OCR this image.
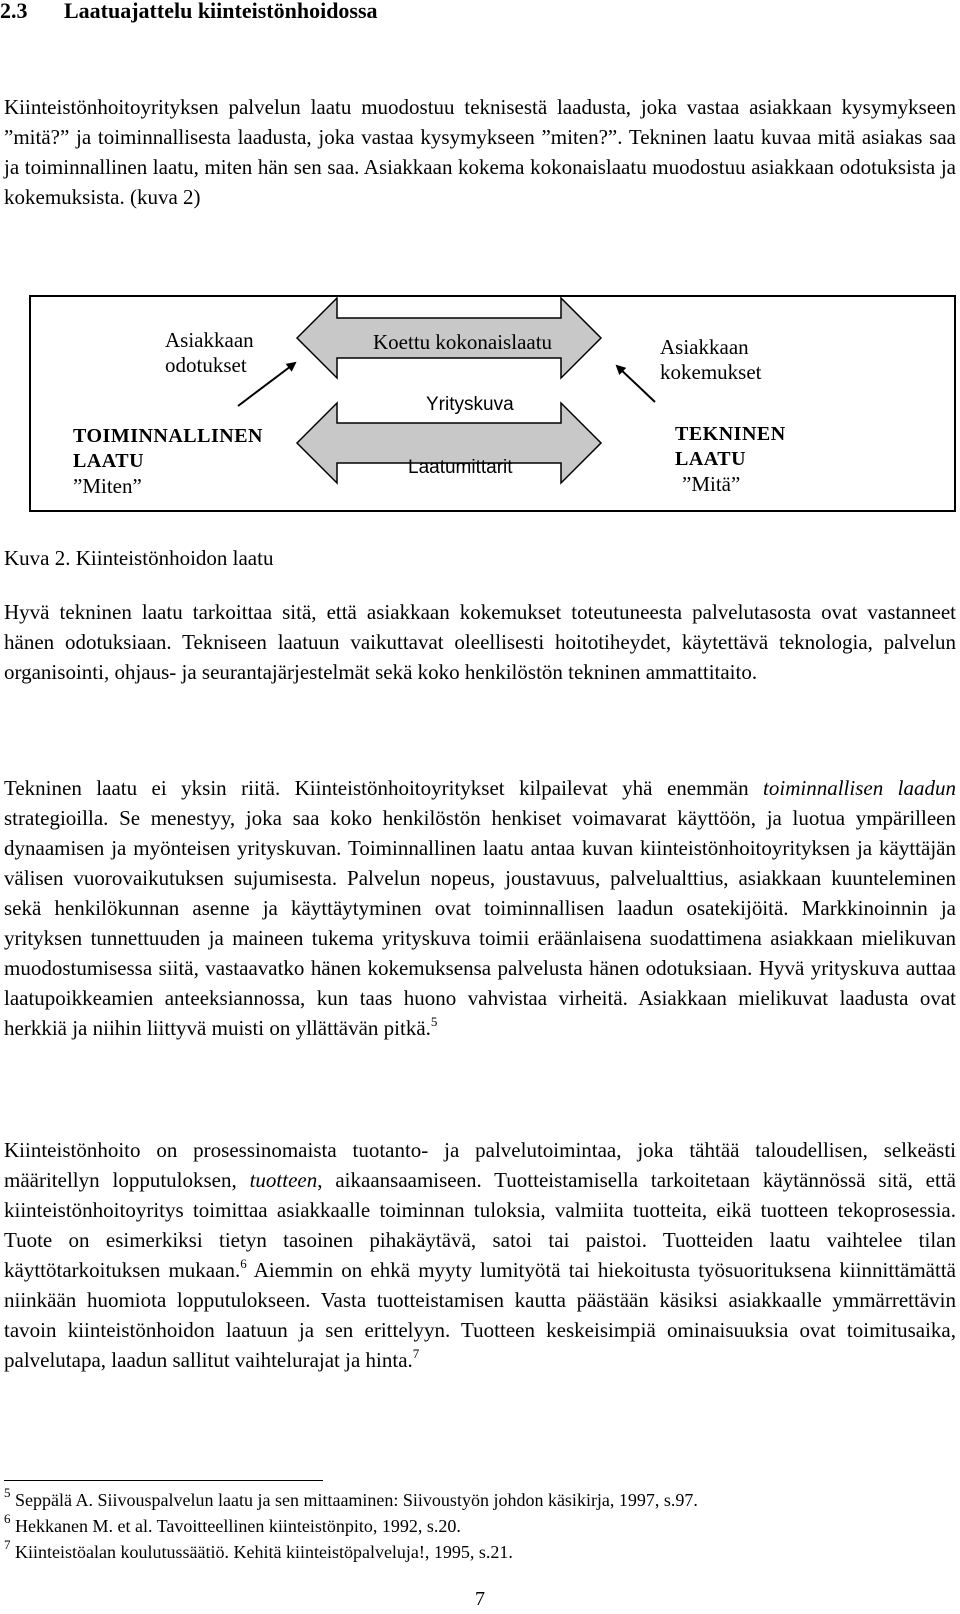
2.3 Laatuajattelu kiinteistönhoidossa

Kiinteistönhoitoyrityksen palvelun laatu muodostuu teknisestä laadusta, joka vastaa asiakkaan kysymykseen ”mitä?” ja toiminnallisesta laadusta, joka vastaa kysymykseen ”miten?”. Tekninen laatu kuvaa mitä asiakas saa ja toiminnallinen laatu, miten hän sen saa. Asiakkaan kokema kokonaislaatu muodostuu asiakkaan odotuksista ja kokemuksista. (kuva 2)

Asiakkaan
odotukset

Asiakkaan
kokemukset

Koettu kokonaislaatu

Yrityskuva

Laatumittarit

TOIMINNALLINEN
LAATU

”Miten”

TEKNINEN
LAATU

”Mitä”

Kuva 2. Kiinteistönhoidon laatu

Hyvä tekninen laatu tarkoittaa sitä, että asiakkaan kokemukset toteutuneesta palvelutasosta ovat vastanneet hänen odotuksiaan. Tekniseen laatuun vaikuttavat oleellisesti hoitotiheydet, käytettävä teknologia, palvelun organisointi, ohjaus- ja seurantajärjestelmät sekä koko henkilöstön tekninen ammattitaito.

Tekninen laatu ei yksin riitä. Kiinteistönhoitoyritykset kilpailevat yhä enemmän toiminnallisen laadun strategioilla. Se menestyy, joka saa koko henkilöstön henkiset voimavarat käyttöön, ja luotua ympärilleen dynaamisen ja myönteisen yrityskuvan. Toiminnallinen laatu antaa kuvan kiinteistönhoitoyrityksen ja käyttäjän välisen vuorovaikutuksen sujumisesta. Palvelun nopeus, joustavuus, palvelualttius, asiakkaan kuunteleminen sekä henkilökunnan asenne ja käyttäytyminen ovat toiminnallisen laadun osatekijöitä. Markkinoinnin ja yrityksen tunnettuuden ja maineen tukema yrityskuva toimii eräänlaisena suodattimena asiakkaan mielikuvan muodostumisessa siitä, vastaavatko hänen kokemuksensa palvelusta hänen odotuksiaan. Hyvä yrityskuva auttaa laatupoikkeamien anteeksiannossa, kun taas huono vahvistaa virheitä. Asiakkaan mielikuvat laadusta ovat herkkiä ja niihin liittyvä muisti on yllättävän pitkä.$^5$

Kiinteistönhoito on prosessinomaista tuotanto- ja palvelutoimintaa, joka tähtää taloudellisen, selkeästi määritellyn lopputuloksen, tuotteen, aikaansaamiseen. Tuotteistamisella tarkoitetaan käytännössä sitä, että kiinteistönhoitoyritys toimittaa asiakkaalle toiminnan tuloksia, valmiita tuotteita, eikä tuotteen tekoprosessia. Tuote on esimerkiksi tietyn tasoinen pihakäytävä, satoi tai paistoi. Tuotteiden laatu vaihtelee tilan käyttötarkoituksen mukaan.$^6$ Aiemmin on ehkä myyty lumityötä tai hiekoitusta työsuorituksena kiinnittämättä niinkään huomiota lopputulokseen. Vasta tuotteistamisen kautta päästään käsiksi asiakkaalle ymmärrettävin tavoin kiinteistönhoidon laatuun ja sen erittelyyn. Tuotteen keskeisimpiä ominaisuuksia ovat toimitusaika, palvelutapa, laadun sallitut vaihtelurajat ja hinta.$^7$

$^5$ Seppälä A. Siivouspalvelun laatu ja sen mittaaminen: Siivoustyön johdon käsikirja, 1997, s.97.

$^6$ Hekkanen M. et al. Tavoitteellinen kiinteistönpito, 1992, s.20.

$^7$ Kiinteistöalan koulutussäätiö. Kehitä kiinteistöpalveluja!, 1995, s.21.

7
